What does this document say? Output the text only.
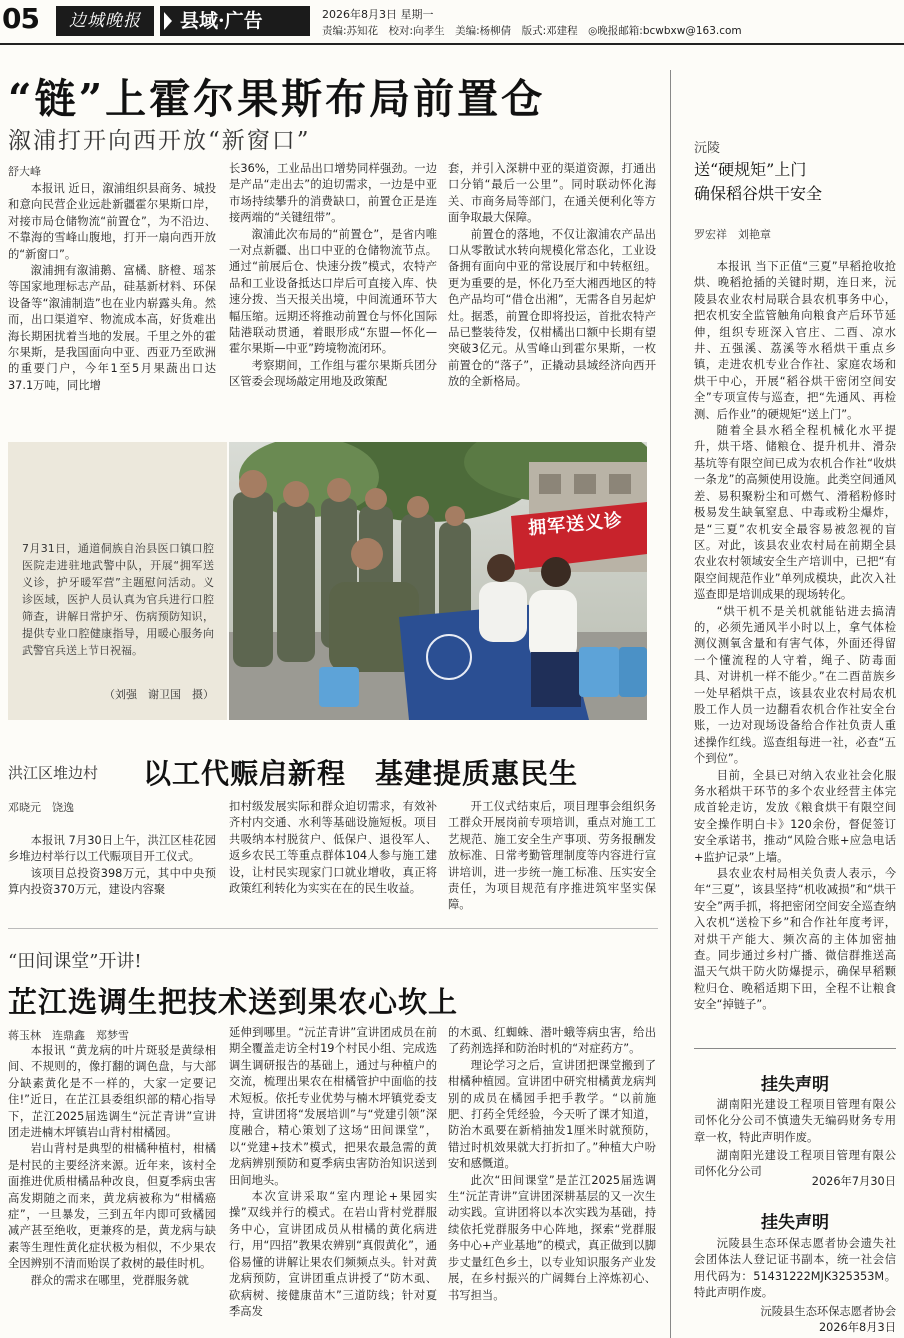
05	边城晚报	县域·广告	2026年8月3日 星期一
责编:苏知花　校对:向孝生　美编:杨柳倩　版式:邓建程　◎晚报邮箱:bcwbxw@163.com
“链”上霍尔果斯布局前置仓
溆浦打开向西开放“新窗口”
舒大峰

本报讯 近日，溆浦组织县商务、城投和意向民营企业远赴新疆霍尔果斯口岸，对接市局仓储物流“前置仓”，为不沿边、不靠海的雪峰山腹地，打开一扇向西开放的“新窗口”。

溆浦拥有溆浦鹅、富橘、脐橙、瑶茶等国家地理标志产品，硅基新材料、环保设备等“溆浦制造”也在业内崭露头角。然而，出口渠道窄、物流成本高，好货难出海长期困扰着当地的发展。千里之外的霍尔果斯，是我国面向中亚、西亚乃至欧洲的重要门户，今年1至5月果蔬出口达37.1万吨，同比增

长36%，工业品出口增势同样强劲。一边是产品“走出去”的迫切需求，一边是中亚市场持续攀升的消费缺口，前置仓正是连接两端的“关键纽带”。

溆浦此次布局的“前置仓”，是省内唯一对点新疆、出口中亚的仓储物流节点。通过“前展后仓、快速分拨”模式，农特产品和工业设备抵达口岸后可直接入库、快速分拨、当天报关出境，中间流通环节大幅压缩。远期还将推动前置仓与怀化国际陆港联动贯通，着眼形成“东盟—怀化—霍尔果斯—中亚”跨境物流闭环。

考察期间，工作组与霍尔果斯兵团分区管委会现场敲定用地及政策配

套，并引入深耕中亚的渠道资源，打通出口分销“最后一公里”。同时联动怀化海关、市商务局等部门，在通关便利化等方面争取最大保障。

前置仓的落地，不仅让溆浦农产品出口从零散试水转向规模化常态化，工业设备拥有面向中亚的常设展厅和中转枢纽。更为重要的是，怀化乃至大湘西地区的特色产品均可“借仓出湘”，无需各自另起炉灶。据悉，前置仓即将投运，首批农特产品已整装待发，仅柑橘出口额中长期有望突破3亿元。从雪峰山到霍尔果斯，一枚前置仓的“落子”，正撬动县域经济向西开放的全新格局。

7月31日，通道侗族自治县医口镇口腔医院走进驻地武警中队，开展“拥军送义诊，护牙暖军营”主题慰问活动。义诊医域，医护人员认真为官兵进行口腔筛查，讲解日常护牙、伤病预防知识，提供专业口腔健康指导，用暖心服务向武警官兵送上节日祝福。
（刘强　谢卫国　摄）
拥军送义诊
洪江区堆边村 以工代赈启新程　基建提质惠民生
邓晓元　饶逸

本报讯 7月30日上午，洪江区桂花园乡堆边村举行以工代赈项目开工仪式。

该项目总投资398万元，其中中央预算内投资370万元，建设内容聚

扣村级发展实际和群众迫切需求，有效补齐村内交通、水利等基础设施短板。项目共吸纳本村脱贫户、低保户、退役军人、返乡农民工等重点群体104人参与施工建设，让村民实现家门口就业增收，真正将政策红利转化为实实在在的民生收益。

开工仪式结束后，项目理事会组织务工群众开展岗前专项培训，重点对施工工艺规范、施工安全生产事项、劳务报酬发放标准、日常考勤管理制度等内容进行宣讲培训，进一步统一施工标准、压实安全责任，为项目规范有序推进筑牢坚实保障。

“田间课堂”开讲!
芷江选调生把技术送到果农心坎上
蒋玉林　连鼎鑫　郑梦雪

本报讯 “黄龙病的叶片斑驳是黄绿相间、不规则的，像打翻的调色盘，与大部分缺素黄化是不一样的，大家一定要记住!”近日，在芷江县委组织部的精心指导下，芷江2025届选调生“沅芷青讲”宣讲团走进楠木坪镇岩山背村柑橘园。

岩山背村是典型的柑橘种植村，柑橘是村民的主要经济来源。近年来，该村全面推进优质柑橘品种改良，但夏季病虫害高发期随之而来，黄龙病被称为“柑橘癌症”，一旦暴发，三到五年内即可致橘园减产甚至绝收，更兼疼的是，黄龙病与缺素等生理性黄化症状极为相似，不少果农全因辨别不清而贻误了救树的最佳时机。

群众的需求在哪里，党群服务就

延伸到哪里。“沅芷青讲”宣讲团成员在前期全覆盖走访全村19个村民小组、完成选调生调研报告的基础上，通过与种植户的交流，梳理出果农在柑橘管护中面临的技术短板。依托专业优势与楠木坪镇党委支持，宣讲团将“发展培训”与“党建引领”深度融合，精心策划了这场“田间课堂”，以“党建+技术”模式，把果农最急需的黄龙病辨别预防和夏季病虫害防治知识送到田间地头。

本次宣讲采取“室内理论+果园实操”双线并行的模式。在岩山背村党群服务中心，宣讲团成员从柑橘的黄化病进行，用“四招”教果农辨别“真假黄化”，通俗易懂的讲解让果农们频频点头。针对黄龙病预防，宣讲团重点讲授了“防木虱、砍病树、接健康苗木”三道防线；针对夏季高发

的木虱、红蜘蛛、潜叶蛾等病虫害，给出了药剂选择和防治时机的“对症药方”。

理论学习之后，宣讲团把课堂搬到了柑橘种植园。宣讲团中研究柑橘黄龙病判别的成员在橘园手把手教学。“以前施肥、打药全凭经验，今天听了课才知道，防治木虱要在新梢抽发1厘米时就预防，错过时机效果就大打折扣了。”种植大户吩安和感慨道。

此次“田间课堂”是芷江2025届选调生“沅芷青讲”宣讲团深耕基层的又一次生动实践。宣讲团将以本次实践为基础，持续依托党群服务中心阵地，探索“党群服务中心+产业基地”的模式，真正做到以脚步丈量红色乡土，以专业知识服务产业发展，在乡村振兴的广阔舞台上淬炼初心、书写担当。

沅陵
送“硬规矩”上门
确保稻谷烘干安全
罗宏祥　刘艳章

本报讯 当下正值“三夏”早稻抢收抢烘、晚稻抢插的关键时期，连日来，沅陵县农业农村局联合县农机事务中心，把农机安全监管触角向粮食产后环节延伸，组织专班深入官庄、二酉、凉水井、五强溪、荔溪等水稻烘干重点乡镇，走进农机专业合作社、家庭农场和烘干中心，开展“稻谷烘干密闭空间安全”专项宣传与巡查，把“先通风、再检测、后作业”的硬规矩“送上门”。

随着全县水稻全程机械化水平提升，烘干塔、储粮仓、提升机井、滑杂基坑等有限空间已成为农机合作社“收烘一条龙”的高频使用设施。此类空间通风差、易积聚粉尘和可燃气、滑稻粉修时极易发生缺氧窒息、中毒或粉尘爆炸，是“三夏”农机安全最容易被忽视的盲区。对此，该县农业农村局在前期全县农业农村领域安全生产培训中，已把“有限空间规范作业”单列成模块，此次入社巡查即是培训成果的现场转化。

“烘干机不是关机就能钻进去搞清的，必须先通风半小时以上，拿气体检测仪测氧含量和有害气体，外面还得留一个懂流程的人守着，绳子、防毒面具、对讲机一样不能少。”在二酉苗族乡一处早稻烘干点，该县农业农村局农机股工作人员一边翻看农机合作社安全台账，一边对现场设备给合作社负责人重述操作红线。巡查组每进一社，必查“五个到位”。

目前，全县已对纳入农业社会化服务水稻烘干环节的多个农业经营主体完成首轮走访，发放《粮食烘干有限空间安全操作明白卡》120余份，督促签订安全承诺书，推动“风险合账+应急电话+监护记录”上墙。

县农业农村局相关负责人表示，今年“三夏”，该县坚持“机收减损”和“烘干安全”两手抓，将把密闭空间安全巡查纳入农机“送检下乡”和合作社年度考评，对烘干产能大、频次高的主体加密抽查。同步通过乡村广播、微信群推送高温天气烘干防火防爆提示，确保早稻颗粒归仓、晚稻适期下田，全程不让粮食安全“掉链子”。

挂失声明

湖南阳光建设工程项目管理有限公司怀化分公司不慎遗失无编码财务专用章一枚，特此声明作废。

湖南阳光建设工程项目管理有限公司怀化分公司

2026年7月30日
挂失声明

沅陵县生态环保志愿者协会遗失社会团体法人登记证书副本，统一社会信用代码为：51431222MJK325353M。特此声明作废。

沅陵县生态环保志愿者协会
2026年8月3日
